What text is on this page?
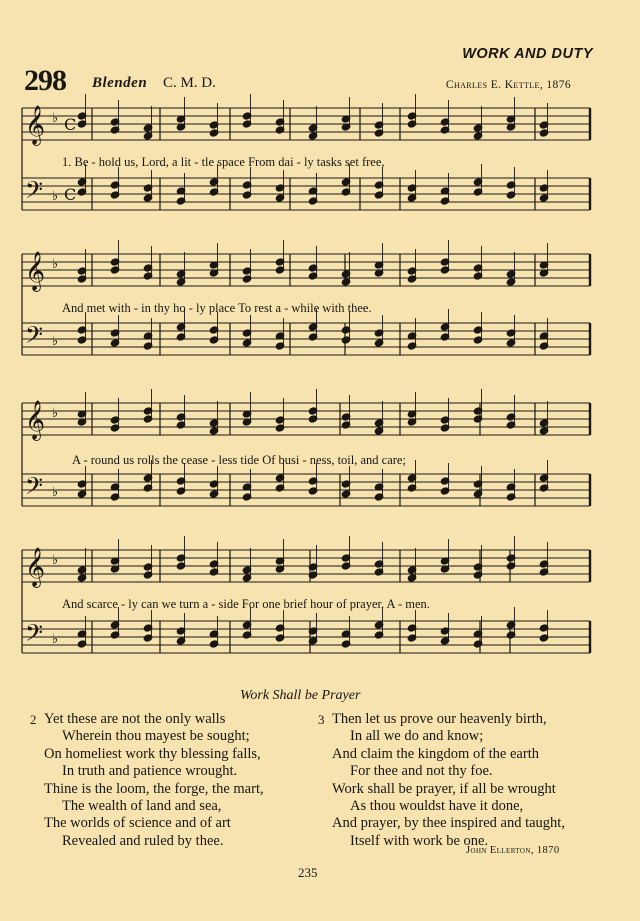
WORK AND DUTY
298 Blenden C. M. D.	Charles E. Kettle, 1876
𝄞
𝄢
♭
♭
C
C
𝄞
𝄢
♭
♭
𝄞
𝄢
♭
♭
𝄞
𝄢
♭
♭
1. Be - hold us, Lord, a lit - tle space From dai - ly tasks set free,
And met with - in thy ho - ly place To rest a - while with thee.
A - round us rolls the cease - less tide Of busi - ness, toil, and care;
And scarce - ly can we turn a - side For one brief hour of prayer. A - men.
Work Shall be Prayer
2 Yet these are not the only walls
Wherein thou mayest be sought;
On homeliest work thy blessing falls,
In truth and patience wrought.
Thine is the loom, the forge, the mart,
The wealth of land and sea,
The worlds of science and of art
Revealed and ruled by thee.
3 Then let us prove our heavenly birth,
In all we do and know;
And claim the kingdom of the earth
For thee and not thy foe.
Work shall be prayer, if all be wrought
As thou wouldst have it done,
And prayer, by thee inspired and taught,
Itself with work be one.
John Ellerton, 1870
235
